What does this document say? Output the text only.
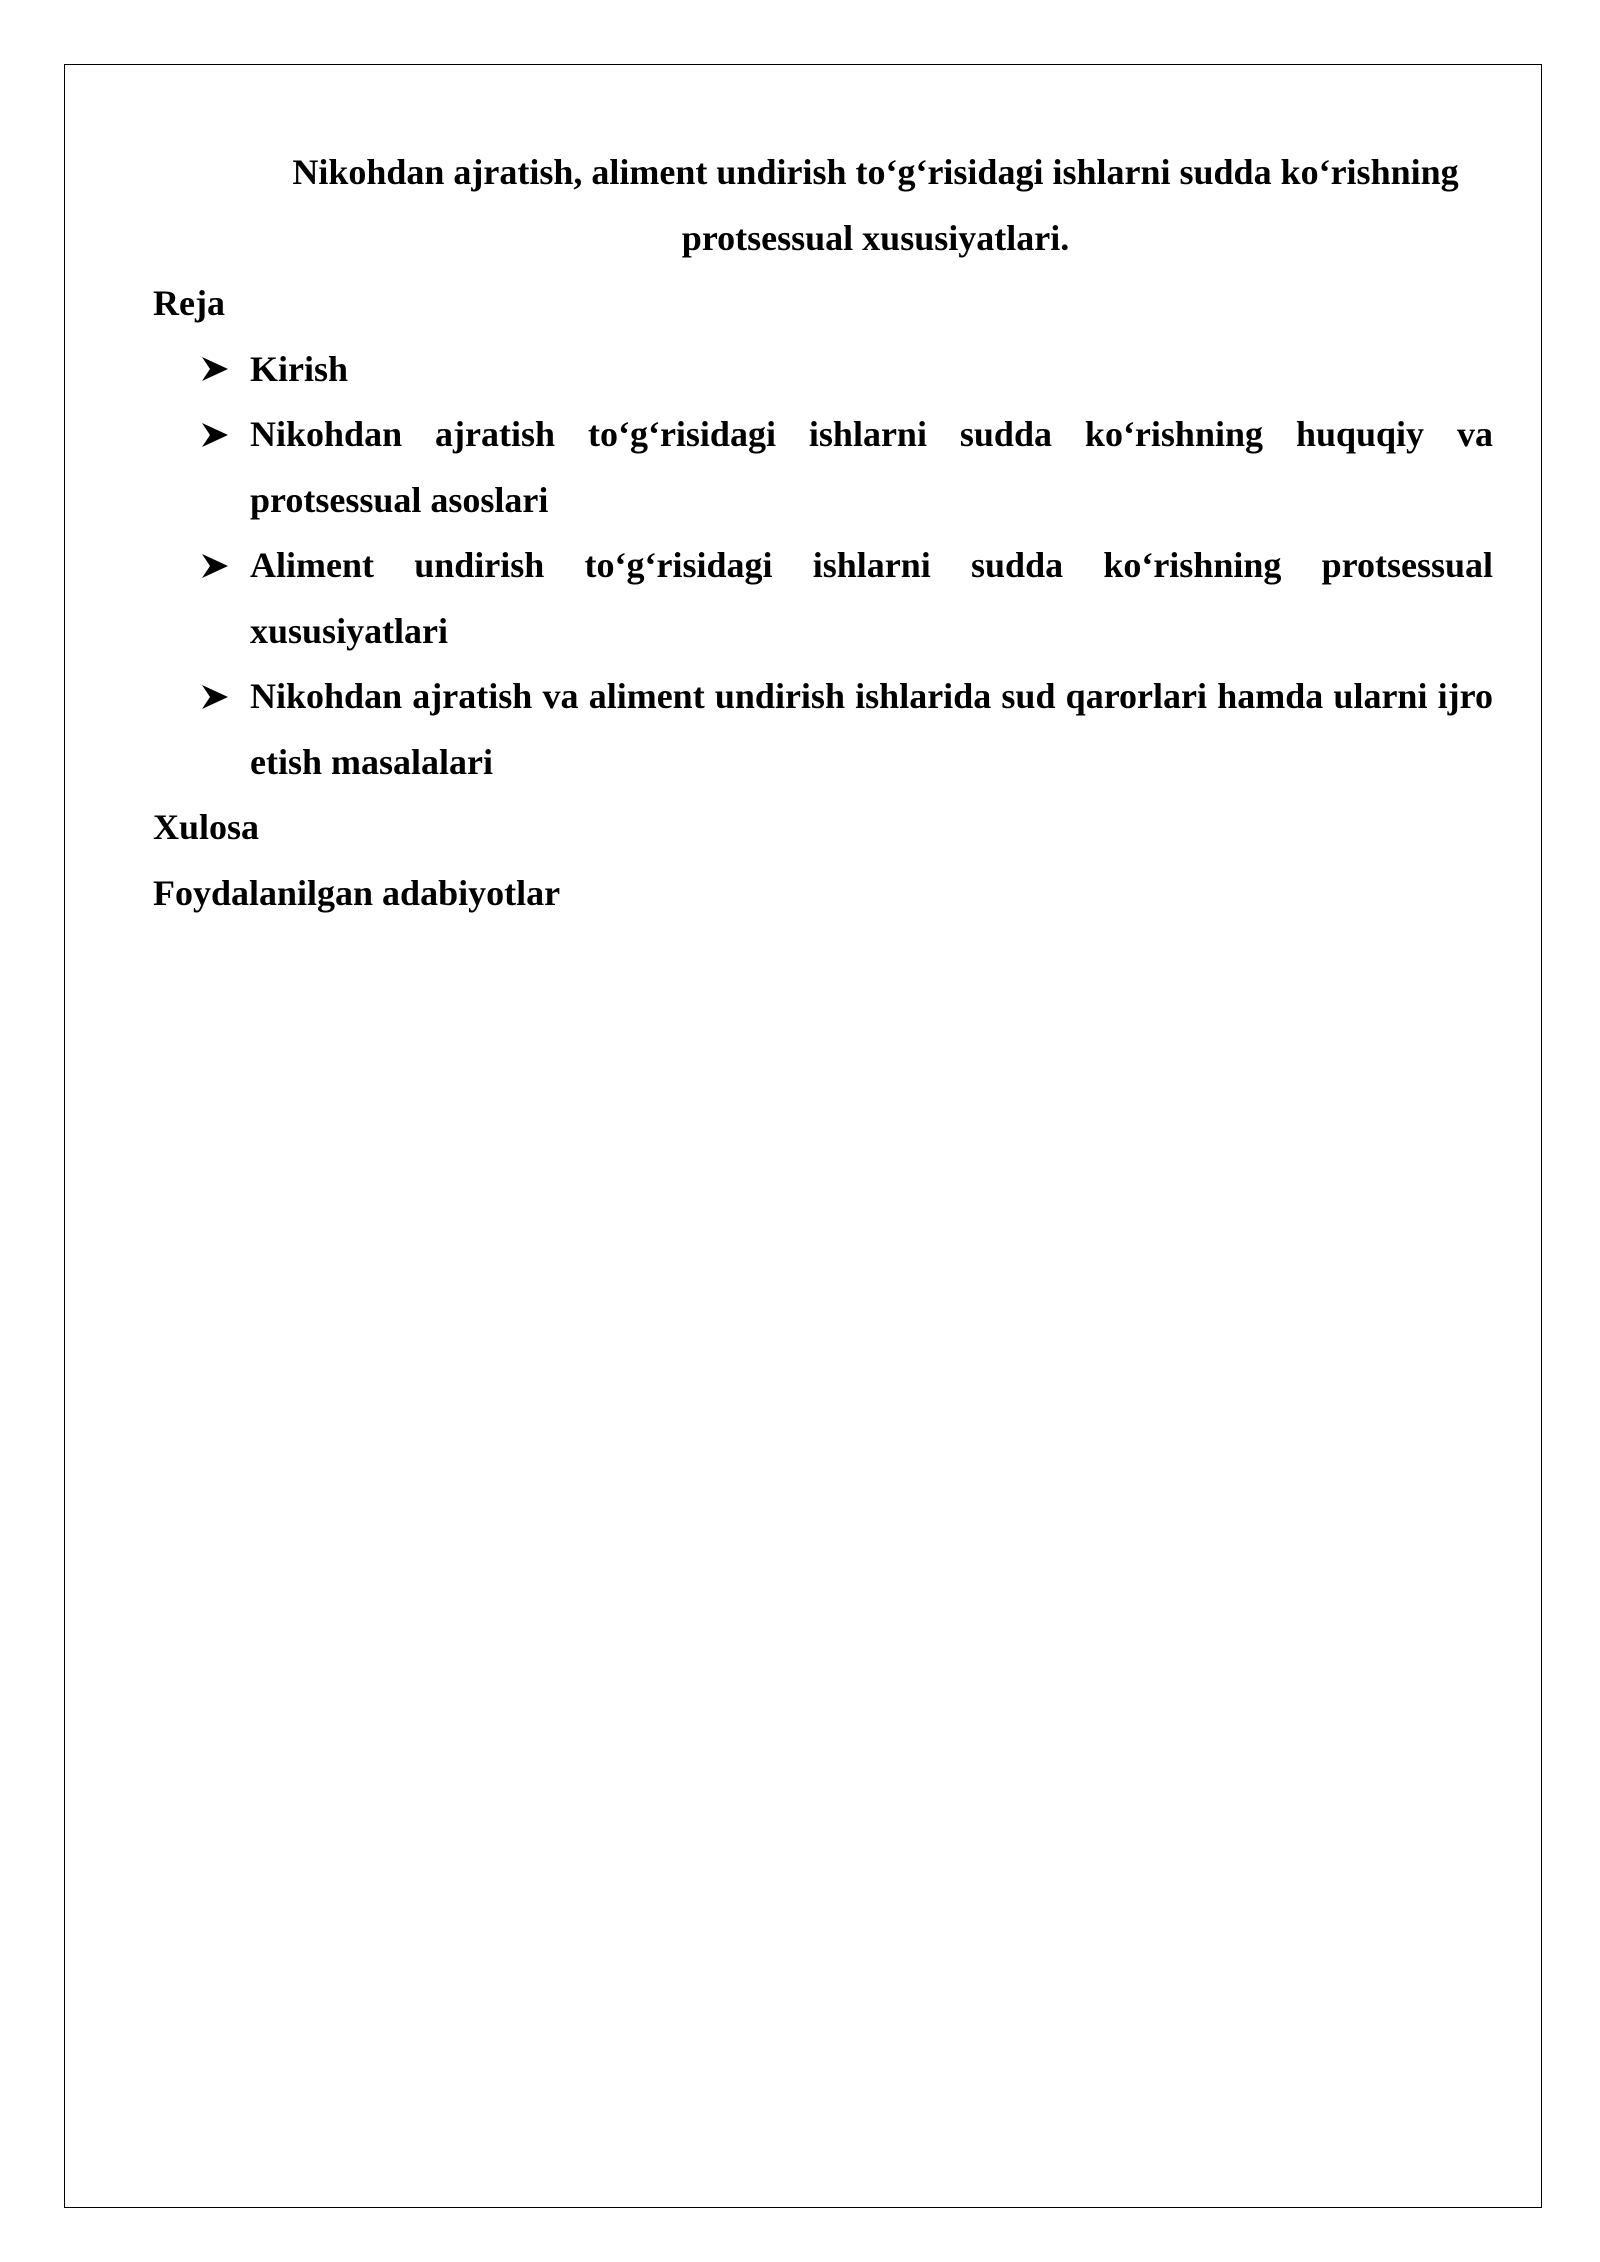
Nikohdan ajratish, aliment undirish to‘g‘risidagi ishlarni sudda ko‘rishning
protsessual xususiyatlari.
Reja
Kirish
Nikohdan ajratish to‘g‘risidagi ishlarni sudda ko‘rishning huquqiy va protsessual asoslari
Aliment undirish to‘g‘risidagi ishlarni sudda ko‘rishning protsessual xususiyatlari
Nikohdan ajratish va aliment undirish ishlarida sud qarorlari hamda ularni ijro etish masalalari
Xulosa
Foydalanilgan adabiyotlar
